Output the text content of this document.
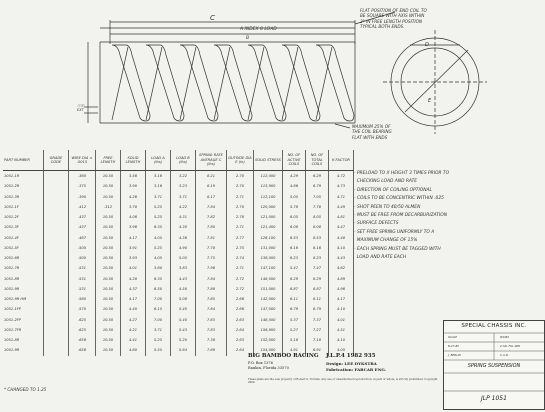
C
A INDEX 8 LOAD
B
D
E
ⓐⓑ
EXT
FLAT POSITION OF END COIL TO
BE SQUARE WITH AXIS WITHIN
2° IN FREE LENGTH POSITION
TYPICAL BOTH ENDS.
MAXIMUM 25% OF
THE COIL BEARING
FLAT WITH ENDS
PART NUMBER	GRADE CODE	WIRE DIA ± .0015	FREE LENGTH	SOLID LENGTH	LOAD A (lbs)	LOAD B (lbs)	SPRING RATE AVERAGE C (lbs)	OUTSIDE DIA E (in)	SOLID STRESS	NO. OF ACTIVE COILS	NO. OF TOTAL COILS	K FACTOR
1051-1R		.360	10.50	3.56	3.16	3.22	8.21	2.70	112,000	4.29	6.29	4.72
1051-2R		.375	10.50	3.90	3.16	3.23	8.19	2.70	113,900	4.66	6.79	4.73
1051-3R		.390	10.50	4.26	3.71	3.71	8.17	2.71	112,100	5.05	7.05	4.71
1051-1F		.412	.312	3.78	5.25	4.22	7.84	2.70	120,000	5.78	7.78	4.49
1051-2F		.437	10.50	4.06	5.25	4.31	7.82	2.78	121,000	6.05	8.05	4.81
1051-3F		.437	10.50	3.96	6.35	4.30	7.80	2.71	121,400	6.08	8.08	4.47
1051-4F		.467	10.50	4.17	4.05	4.36	7.81	2.77	126,100	6.53	8.53	4.48
1051-5F		.500	10.50	3.91	5.25	4.90	7.78	2.75	131,000	6.16	8.16	4.10
1051-6R		.500	10.50	3.93	4.05	5.05	7.75	2.74	138,000	6.23	8.23	4.43
1051-7R		.531	10.50	4.01	3.60	3.83	7.96	2.71	147,100	5.47	7.47	4.62
1051-8R		.531	10.50	4.28	6.35	4.43	7.84	2.72	148,500	6.29	8.29	4.89
1051-9R		.531	10.50	4.37	6.50	4.50	7.88	2.72	151,000	6.87	8.87	4.96
1051-9R HM		.560	10.50	4.17	7.00	5.08	7.65	2.66	142,000	6.11	8.11	4.17
1051-1FP		.570	10.50	4.40	6.15	5.40	7.64	2.66	147,000	6.79	8.79	4.10
1051-2FP		.625	10.50	4.27	7.00	5.40	7.63	2.63	148,500	5.37	7.37	4.01
1051-7FR		.625	10.50	4.21	3.71	5.43	7.83	2.64	156,800	5.27	7.27	4.51
1051-8R		.656	10.50	4.41	5.25	5.20	7.38	2.63	152,000	5.18	7.18	4.10
1051-9R		.656	10.50	4.60	5.55	5.64	7.69	2.64	154,000	4.91	6.91	4.05
* CHANGED TO 1.25
- PRELOAD TO X HEIGHT 3 TIMES PRIOR TO
CHECKING LOAD AND RATE
- DIRECTION OF COILING OPTIONAL
- COILS TO BE CONCENTRIC WITHIN .025
- SHOT PEEN TO 40/50 ALMEN
- MUST BE FREE FROM DECARBURIZATION
- SURFACE DEFECTS
- SET FREE SPRING UNIFORMLY TO A
MAXIMUM CHANGE OF 15%
- EACH SPRING MUST BE TAGGED WITH
LOAD AND RATE EACH
SPECIAL CHASSIS INC.
SCALE	8/3/82
B-27-82	2 GR. FUL SPR
J. BERLIN	C.A.D.
SPRING SUSPENSION
JLP 1051
BIG BAMBOO RACING
P.O. Box 1376
Rankin, Florida 33570
J.L.P.4 1982 935
Design: LEE DYKSTRA
Fabrication: FABCAR ENG.
These plans are the sole property of Robert S. Tortolla. Any use or unauthorized reproduction, in part or whole, is strictly prohibited. Copyright 2004
